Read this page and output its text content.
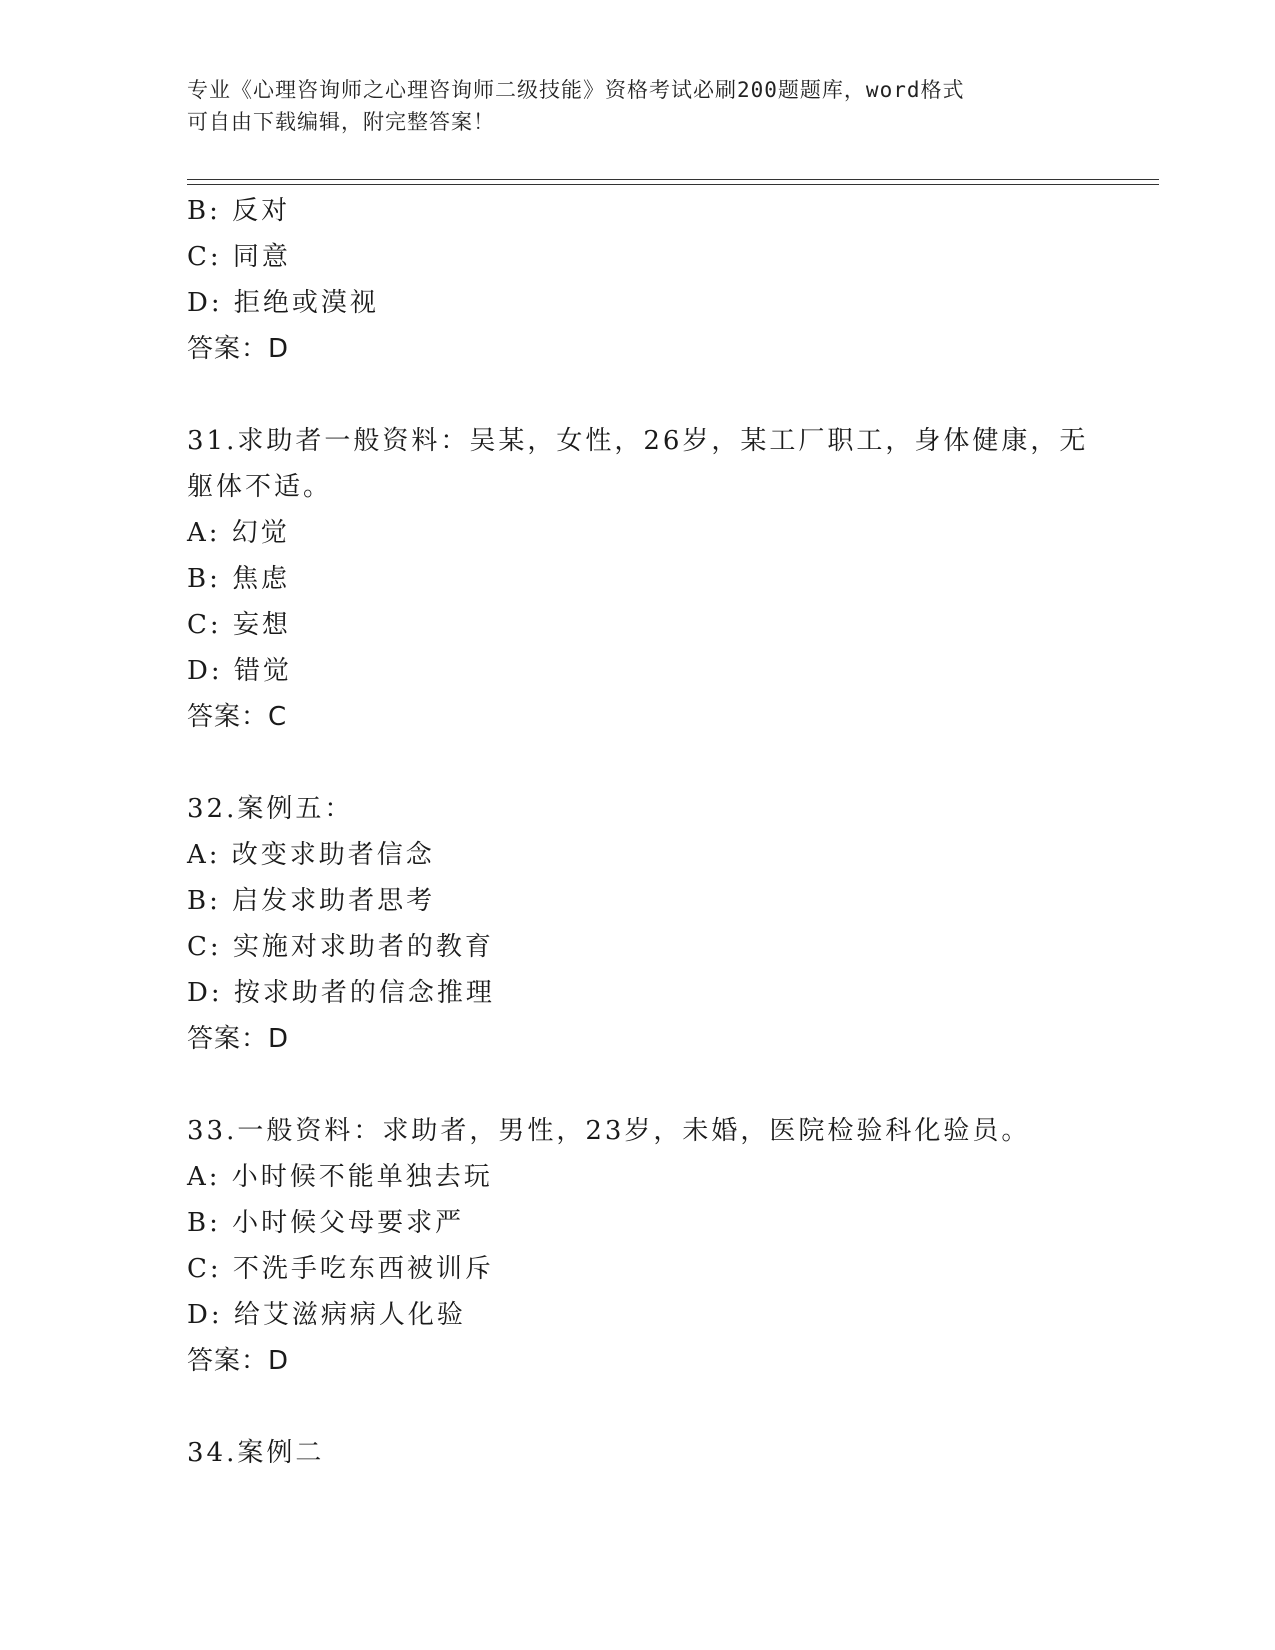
专业《心理咨询师之心理咨询师二级技能》资格考试必刷200题题库，word格式
可自由下载编辑，附完整答案！
B: 反对
C: 同意
D: 拒绝或漠视
答案：D
31.求助者一般资料：吴某，女性，26岁，某工厂职工，身体健康，无
躯体不适。
A: 幻觉
B: 焦虑
C: 妄想
D: 错觉
答案：C
32.案例五：
A: 改变求助者信念
B: 启发求助者思考
C: 实施对求助者的教育
D: 按求助者的信念推理
答案：D
33.一般资料：求助者，男性，23岁，未婚，医院检验科化验员。
A: 小时候不能单独去玩
B: 小时候父母要求严
C: 不洗手吃东西被训斥
D: 给艾滋病病人化验
答案：D
34.案例二
